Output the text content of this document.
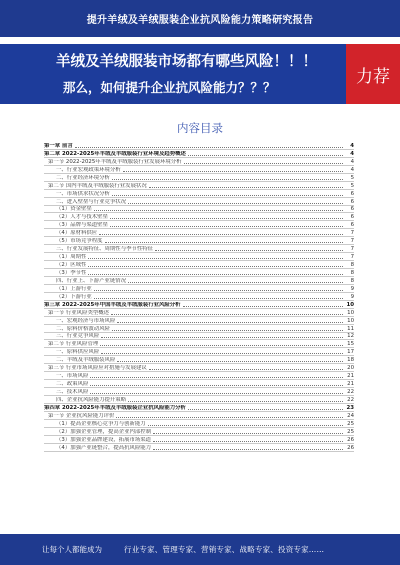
提升羊绒及羊绒服装企业抗风险能力策略研究报告
羊绒及羊绒服装市场都有哪些风险！！！
那么，如何提升企业抗风险能力？？？
力荐
内容目录
第一章 前言	4
第二章 2022-2025年羊绒及羊绒服装行业环境及趋势概述	4
第一节 2022-2025年羊绒及羊绒服装行业发展环境分析	4
一、行业宏观政策环境分析	4
二、行业经济环境分析	5
第二节 国内羊绒及羊绒服装行业发展状况	5
一、市场供求状况分析	6
二、进入壁垒与行业竞争状况	6
（1）资金壁垒	6
（2）人才与技术壁垒	6
（3）品牌与渠道壁垒	6
（4）原材料供应	7
（5）市场竞争程度	7
三、行业发展特征、周期性与季节性特征	7
（1）周期性	7
（2）区域性	8
（3）季节性	8
四、行业上、下游产业链情况	8
（1）上游行业	9
（2）下游行业	9
第三章 2022-2025年中国羊绒及羊绒服装行业风险分析	10
第一节 行业风险类型概述	10
一、宏观经济与市场风险	10
二、原料价格波动风险	11
三、行业竞争风险	12
第二节 行业风险管理	15
一、原料供应风险	17
二、羊绒及羊绒服装风险	18
第三节 行业市场风险应对措施与发展建议	20
一、市场风险	21
二、政策风险	21
三、技术风险	22
四、企业抗风险能力提升策略	22
第四章 2022-2025年羊绒及羊绒服装企业抗风险能力分析	23
第一节 企业抗风险能力评价	24
（1）提高企业核心竞争力与创新能力	25
（2）加强企业管理，提高企业内部控制	25
（3）加强企业品牌建设，拓展市场渠道	26
（4）加强产业链整合，提高抗风险能力	26
让每个人都能成为	行业专家、管理专家、营销专家、战略专家、投资专家……
